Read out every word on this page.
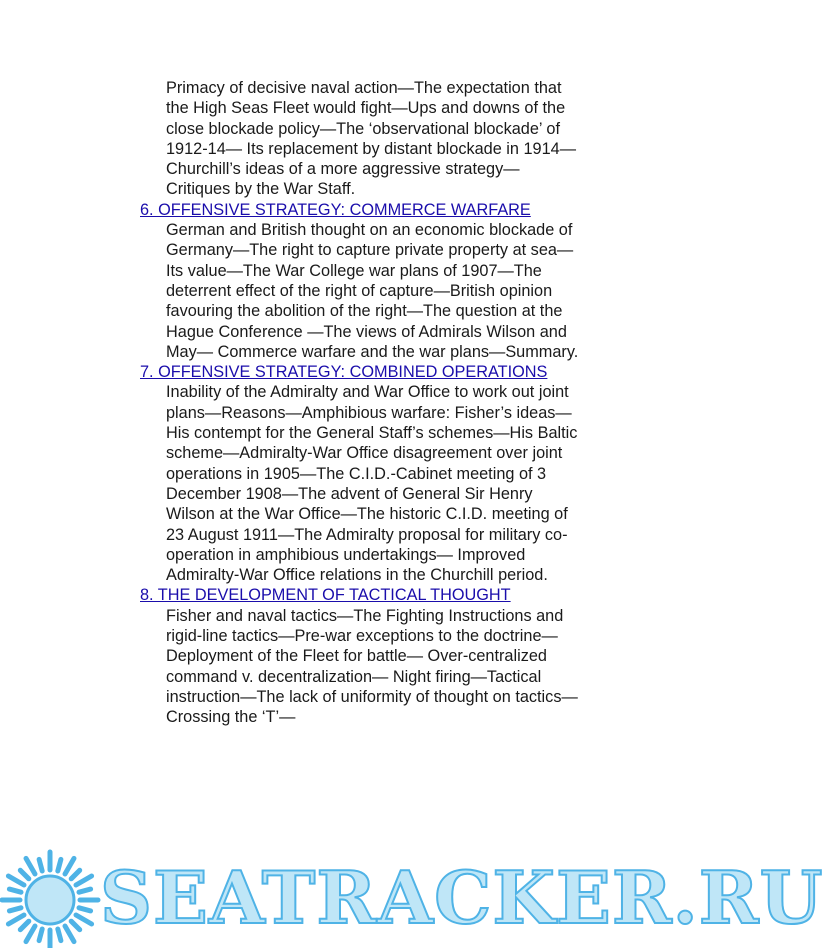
Primacy of decisive naval action—The expectation that the High Seas Fleet would fight—Ups and downs of the close blockade policy—The ‘observational blockade’ of 1912-14— Its replacement by distant blockade in 1914— Churchill’s ideas of a more aggressive strategy— Critiques by the War Staff.

6. OFFENSIVE STRATEGY: COMMERCE WARFARE

German and British thought on an economic blockade of Germany—The right to capture private property at sea—Its value—The War College war plans of 1907—The deterrent effect of the right of capture—British opinion favouring the abolition of the right—The question at the Hague Conference —The views of Admirals Wilson and May— Commerce warfare and the war plans—Summary.

7. OFFENSIVE STRATEGY: COMBINED OPERATIONS

Inability of the Admiralty and War Office to work out joint plans—Reasons—Amphibious warfare: Fisher’s ideas— His contempt for the General Staff’s schemes—His Baltic scheme—Admiralty-War Office disagreement over joint operations in 1905—The C.I.D.-Cabinet meeting of 3 December 1908—The advent of General Sir Henry Wilson at the War Office—The historic C.I.D. meeting of 23 August 1911—The Admiralty proposal for military co-operation in amphibious undertakings— Improved Admiralty-War Office relations in the Churchill period.

8. THE DEVELOPMENT OF TACTICAL THOUGHT

Fisher and naval tactics—The Fighting Instructions and rigid-line tactics—Pre-war exceptions to the doctrine—Deployment of the Fleet for battle— Over-centralized command v. decentralization— Night firing—Tactical instruction—The lack of uniformity of thought on tactics—Crossing the ‘T’—

SEATRACKER.RU
